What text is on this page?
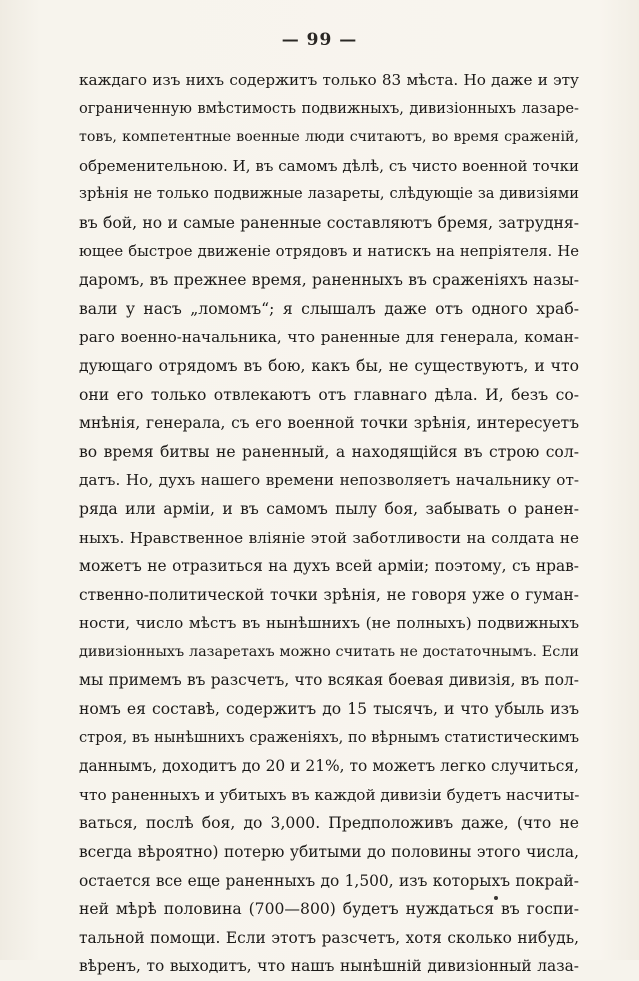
— 99 —
каждаго изъ нихъ содержитъ только 83 мѣста. Но даже и эту
ограниченную вмѣстимость подвижныхъ, дивизіонныхъ лазаре-
товъ, компетентные военные люди считаютъ, во время сраженій,
обременительною. И, въ самомъ дѣлѣ, съ чисто военной точки
зрѣнія не только подвижные лазареты, слѣдующіе за дивизіями
въ бой, но и самые раненные составляютъ бремя, затрудня-
ющее быстрое движеніе отрядовъ и натискъ на непріятеля. Не
даромъ, въ прежнее время, раненныхъ въ сраженіяхъ назы-
вали у насъ „ломомъ“; я слышалъ даже отъ одного храб-
раго военно-начальника, что раненные для генерала, коман-
дующаго отрядомъ въ бою, какъ бы, не существуютъ, и что
они его только отвлекаютъ отъ главнаго дѣла. И, безъ со-
мнѣнія, генерала, съ его военной точки зрѣнія, интересуетъ
во время битвы не раненный, а находящійся въ строю сол-
датъ. Но, духъ нашего времени непозволяетъ начальнику от-
ряда или арміи, и въ самомъ пылу боя, забывать о ранен-
ныхъ. Нравственное вліяніе этой заботливости на солдата не
можетъ не отразиться на духъ всей арміи; поэтому, съ нрав-
ственно-политической точки зрѣнія, не говоря уже о гуман-
ности, число мѣстъ въ нынѣшнихъ (не полныхъ) подвижныхъ
дивизіонныхъ лазаретахъ можно считать не достаточнымъ. Если
мы примемъ въ разсчетъ, что всякая боевая дивизія, въ пол-
номъ ея составѣ, содержитъ до 15 тысячъ, и что убыль изъ
строя, въ нынѣшнихъ сраженіяхъ, по вѣрнымъ статистическимъ
даннымъ, доходитъ до 20 и 21%, то можетъ легко случиться,
что раненныхъ и убитыхъ въ каждой дивизіи будетъ насчиты-
ваться, послѣ боя, до 3,000. Предположивъ даже, (что не
всегда вѣроятно) потерю убитыми до половины этого числа,
остается все еще раненныхъ до 1,500, изъ которыхъ покрай-
ней мѣрѣ половина (700—800) будетъ нуждаться въ госпи-
тальной помощи. Если этотъ разсчетъ, хотя сколько нибудь,
вѣренъ, то выходитъ, что нашъ нынѣшній дивизіонный лаза-
